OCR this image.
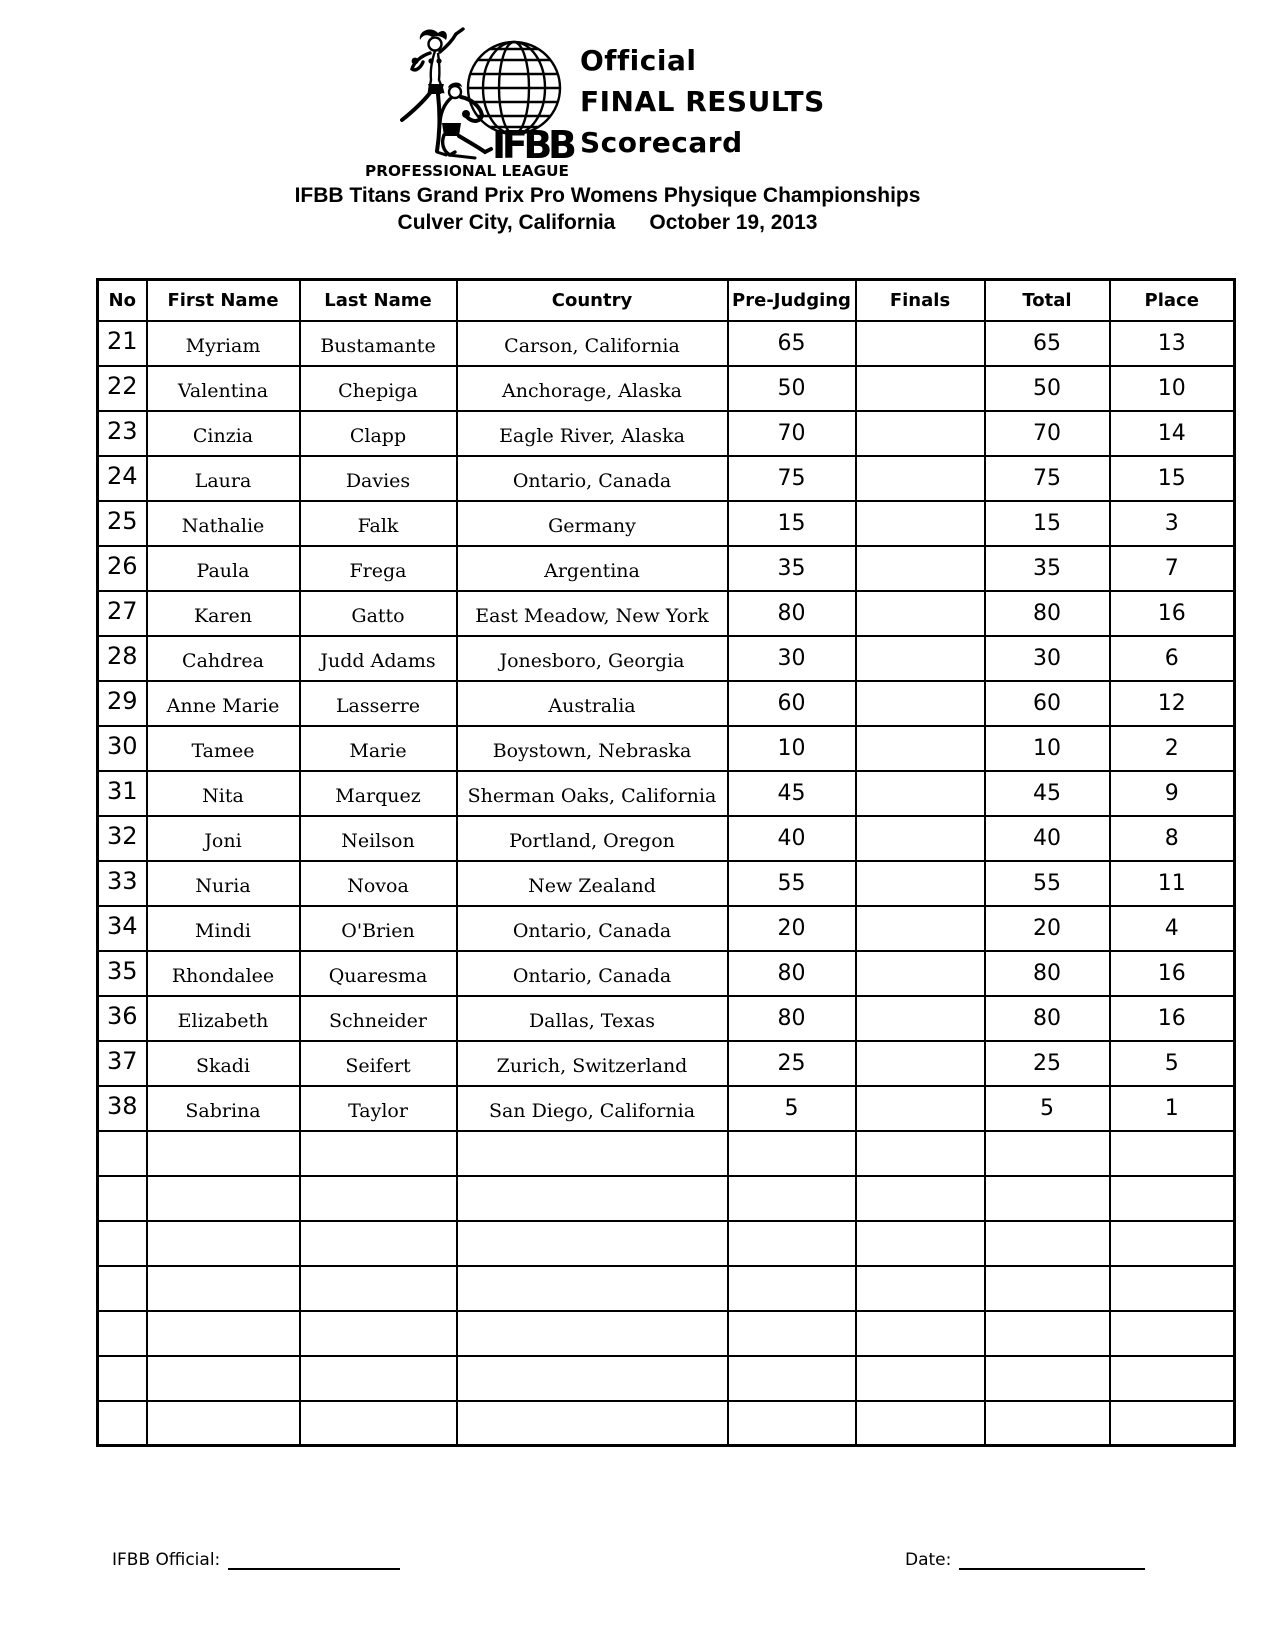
IFBB
PROFESSIONAL LEAGUE
Official
FINAL RESULTS
Scorecard
IFBB Titans Grand Prix Pro Womens Physique Championships
Culver City, California October 19, 2013
No	First Name	Last Name	Country	Pre-Judging	Finals	Total	Place
21	Myriam	Bustamante	Carson, California	65		65	13
22	Valentina	Chepiga	Anchorage, Alaska	50		50	10
23	Cinzia	Clapp	Eagle River, Alaska	70		70	14
24	Laura	Davies	Ontario, Canada	75		75	15
25	Nathalie	Falk	Germany	15		15	3
26	Paula	Frega	Argentina	35		35	7
27	Karen	Gatto	East Meadow, New York	80		80	16
28	Cahdrea	Judd Adams	Jonesboro, Georgia	30		30	6
29	Anne Marie	Lasserre	Australia	60		60	12
30	Tamee	Marie	Boystown, Nebraska	10		10	2
31	Nita	Marquez	Sherman Oaks, California	45		45	9
32	Joni	Neilson	Portland, Oregon	40		40	8
33	Nuria	Novoa	New Zealand	55		55	11
34	Mindi	O'Brien	Ontario, Canada	20		20	4
35	Rhondalee	Quaresma	Ontario, Canada	80		80	16
36	Elizabeth	Schneider	Dallas, Texas	80		80	16
37	Skadi	Seifert	Zurich, Switzerland	25		25	5
38	Sabrina	Taylor	San Diego, California	5		5	1

IFBB Official:	Date:
